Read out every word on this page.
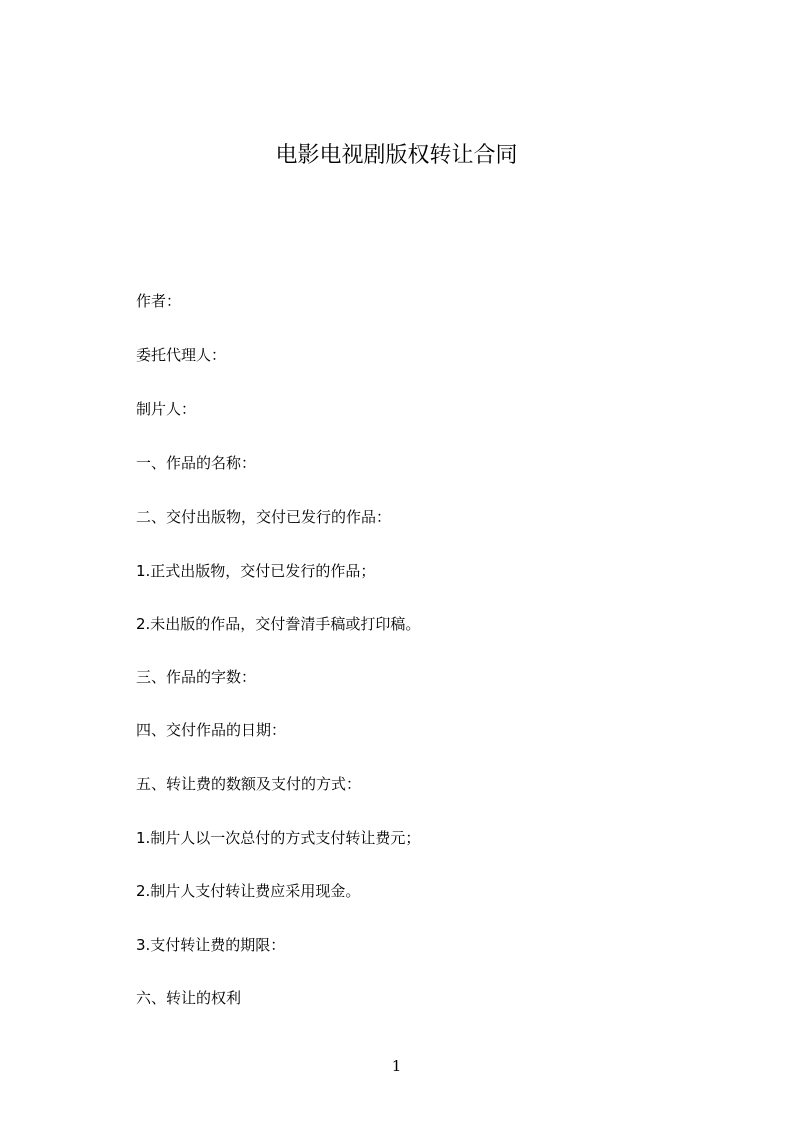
电影电视剧版权转让合同

作者：

委托代理人：

制片人：

一、作品的名称：

二、交付出版物，交付已发行的作品：

1.正式出版物，交付已发行的作品；

2.未出版的作品，交付誊清手稿或打印稿。

三、作品的字数：

四、交付作品的日期：

五、转让费的数额及支付的方式：

1.制片人以一次总付的方式支付转让费元；

2.制片人支付转让费应采用现金。

3.支付转让费的期限：

六、转让的权利

1
